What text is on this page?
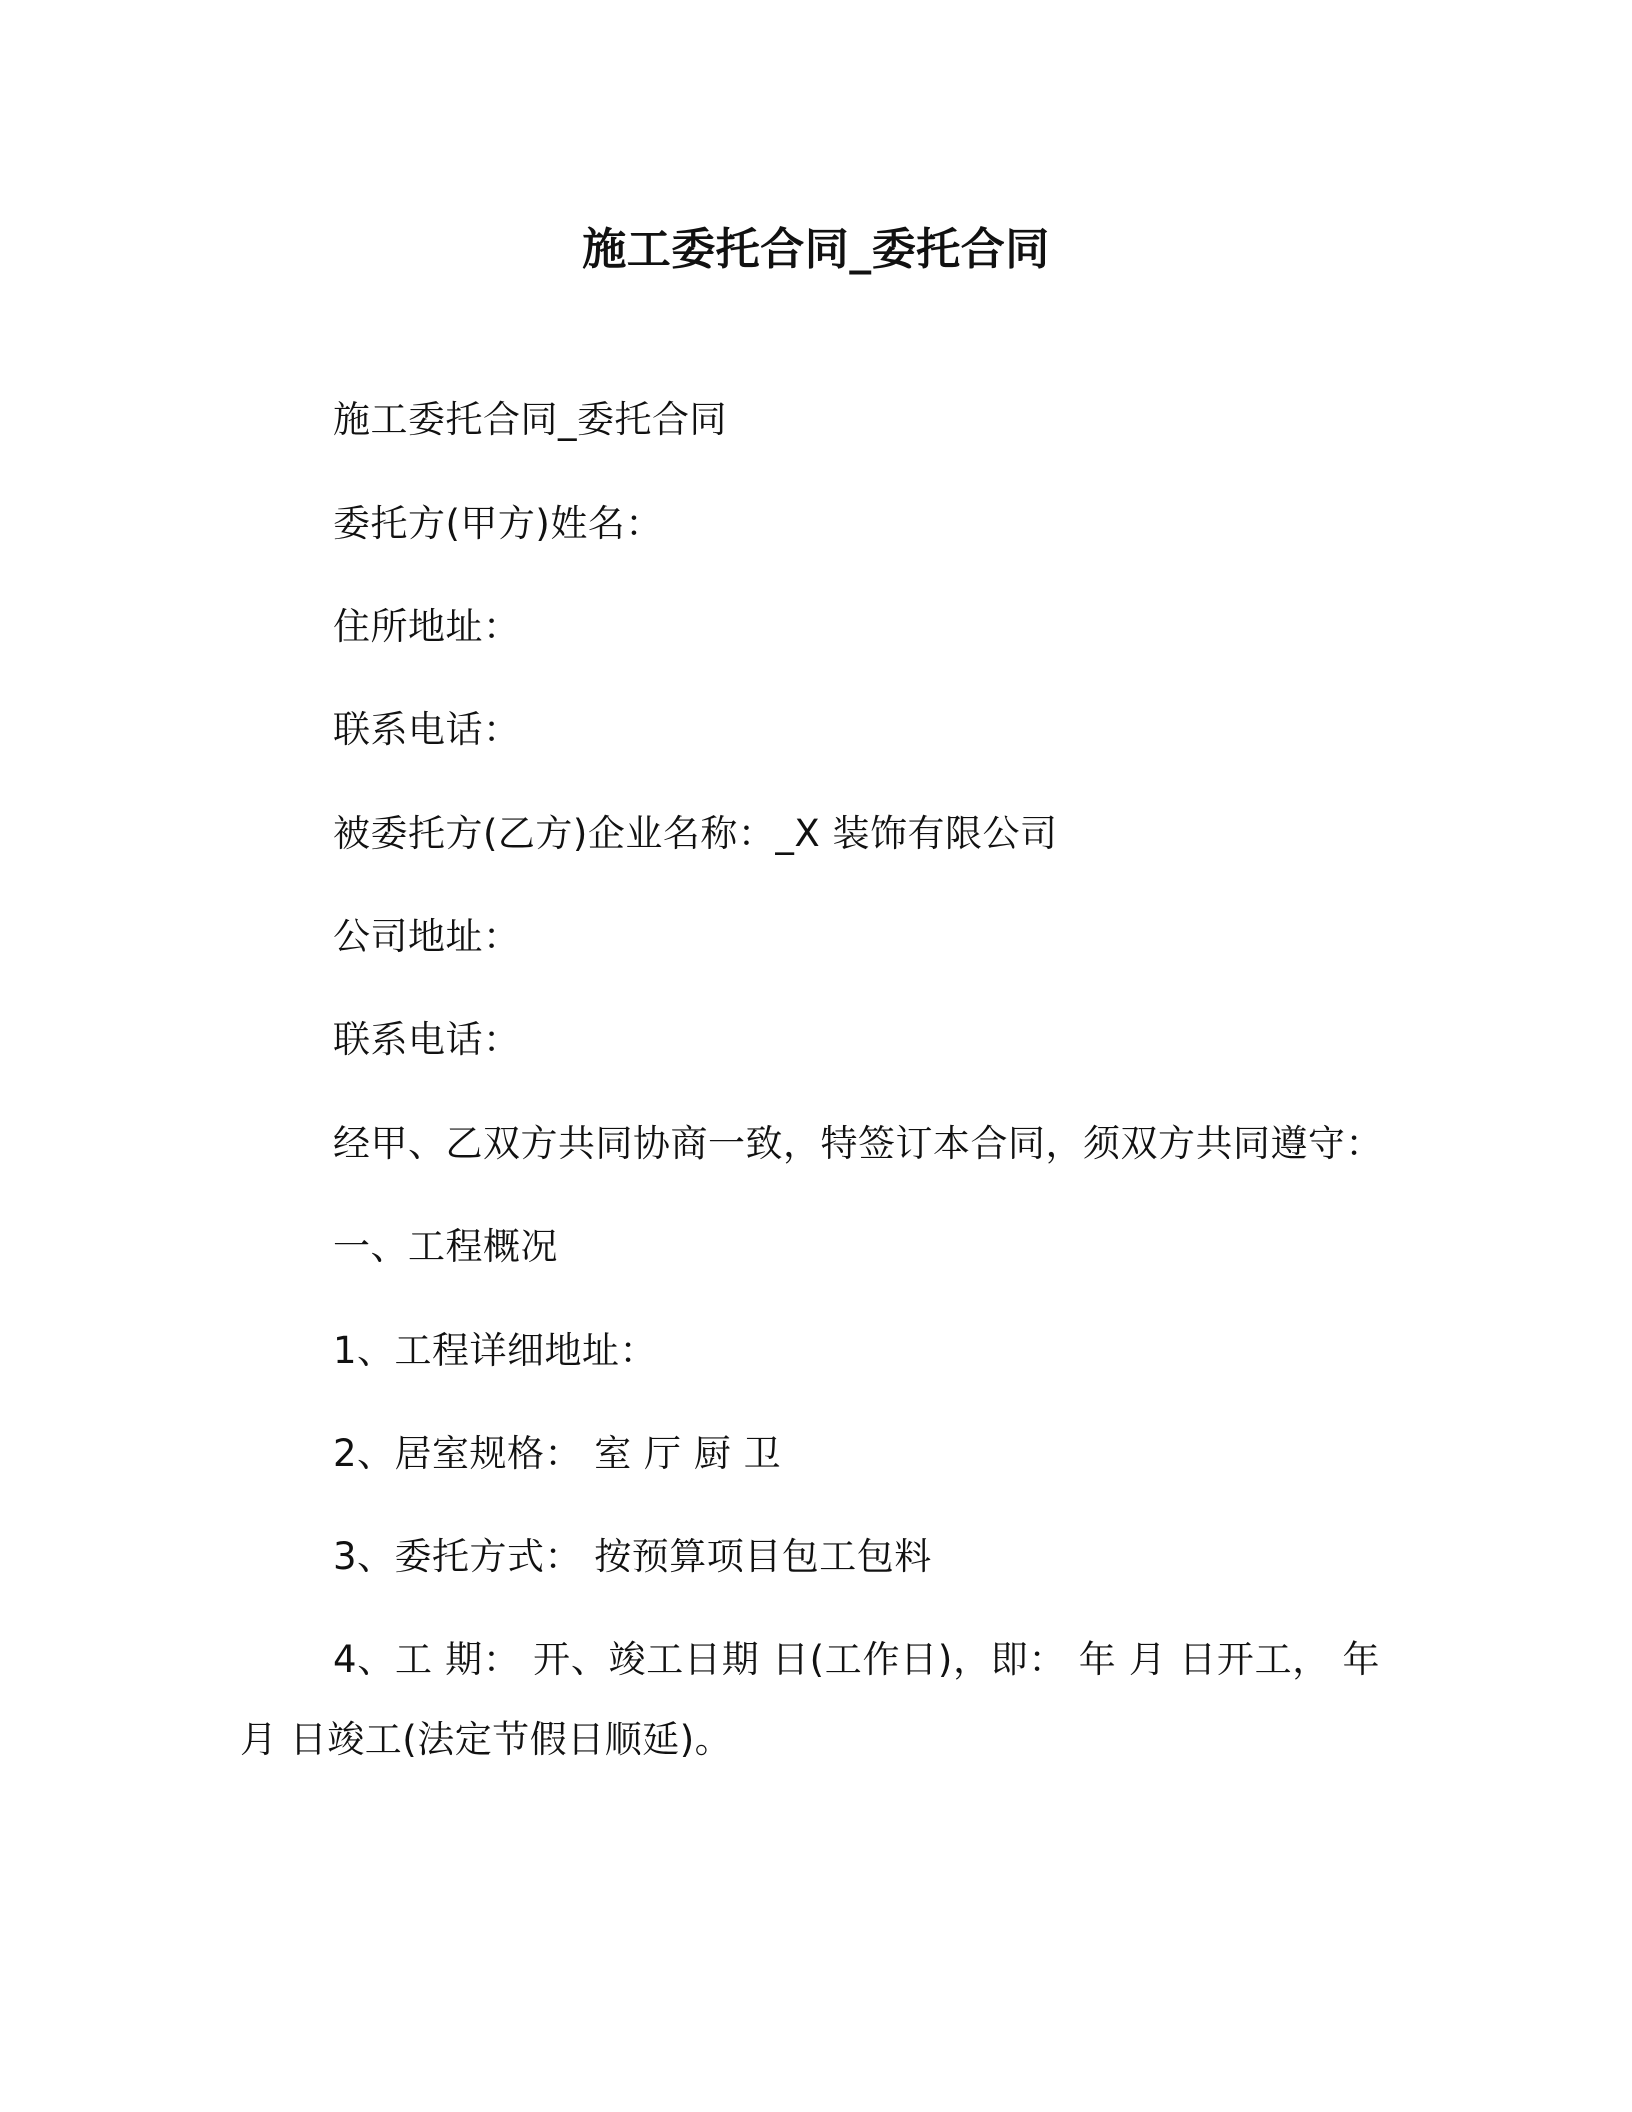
施工委托合同_委托合同
施工委托合同_委托合同
委托方(甲方)姓名：
住所地址：
联系电话：
被委托方(乙方)企业名称：_X 装饰有限公司
公司地址：
联系电话：
经甲、乙双方共同协商一致，特签订本合同，须双方共同遵守：
一、工程概况
1、工程详细地址：
2、居室规格： 室 厅 厨 卫
3、委托方式： 按预算项目包工包料
4、工 期： 开、竣工日期 日(工作日)，即： 年 月 日开工， 年 月 日竣工(法定节假日顺延)。
